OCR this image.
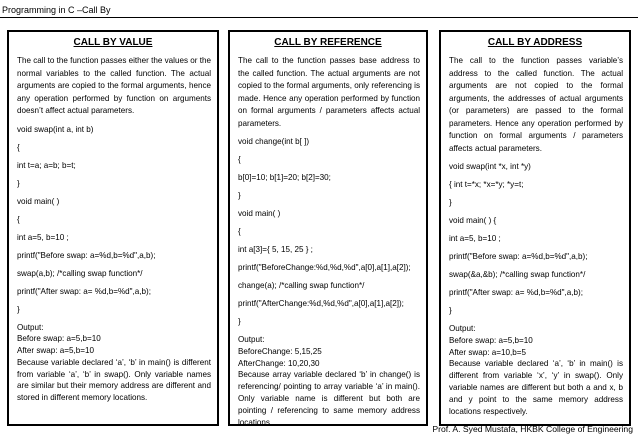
Programming in C –Call By
CALL BY VALUE

The call to the function passes either the values or the normal variables to the called function. The actual arguments are copied to the formal arguments, hence any operation performed by function on arguments doesn’t affect actual parameters.

void swap(int a, int b)
{
int t=a; a=b; b=t;
}
void main( )
{
int a=5, b=10 ;
printf("Before swap: a=%d,b=%d",a,b);
swap(a,b); /*calling swap function*/
printf("After swap: a= %d,b=%d",a,b);
}
Output:
Before swap: a=5,b=10
After swap: a=5,b=10

Because variable declared ‘a’, ‘b’ in main() is different from variable ‘a’, ‘b’ in swap(). Only variable names are similar but their memory address are different and stored in different memory locations.

CALL BY REFERENCE

The call to the function passes base address to the called function. The actual arguments are not copied to the formal arguments, only referencing is made. Hence any operation performed by function on formal arguments / parameters affects actual parameters.

void change(int b[ ])
{
b[0]=10; b[1]=20; b[2]=30;
}
void main( )
{
int a[3]={ 5, 15, 25 } ;
printf("BeforeChange:%d,%d,%d",a[0],a[1],a[2]);
change(a); /*calling swap function*/
printf("AfterChange:%d,%d,%d",a[0],a[1],a[2]);
}
Output:
BeforeChange: 5,15,25
AfterChange: 10,20,30

Because array variable declared ‘b’ in change() is referencing/ pointing to array variable ‘a’ in main(). Only variable name is different but both are pointing / referencing to same memory address locations.

CALL BY ADDRESS

The call to the function passes variable’s address to the called function. The actual arguments are not copied to the formal arguments, the addresses of actual arguments (or parameters) are passed to the formal parameters. Hence any operation performed by function on formal arguments / parameters affects actual parameters.

void swap(int *x, int *y)
{ int t=*x; *x=*y; *y=t;
}
void main( ) {
int a=5, b=10 ;
printf("Before swap: a=%d,b=%d",a,b);
swap(&a,&b); /*calling swap function*/
printf("After swap: a= %d,b=%d",a,b);
}
Output:
Before swap: a=5,b=10
After swap: a=10,b=5

Because variable declared ‘a’, ‘b’ in main() is different from variable ‘x’, ‘y’ in swap(). Only variable names are different but both a and x, b and y point to the same memory address locations respectively.

Prof. A. Syed Mustafa, HKBK College of Engineering
